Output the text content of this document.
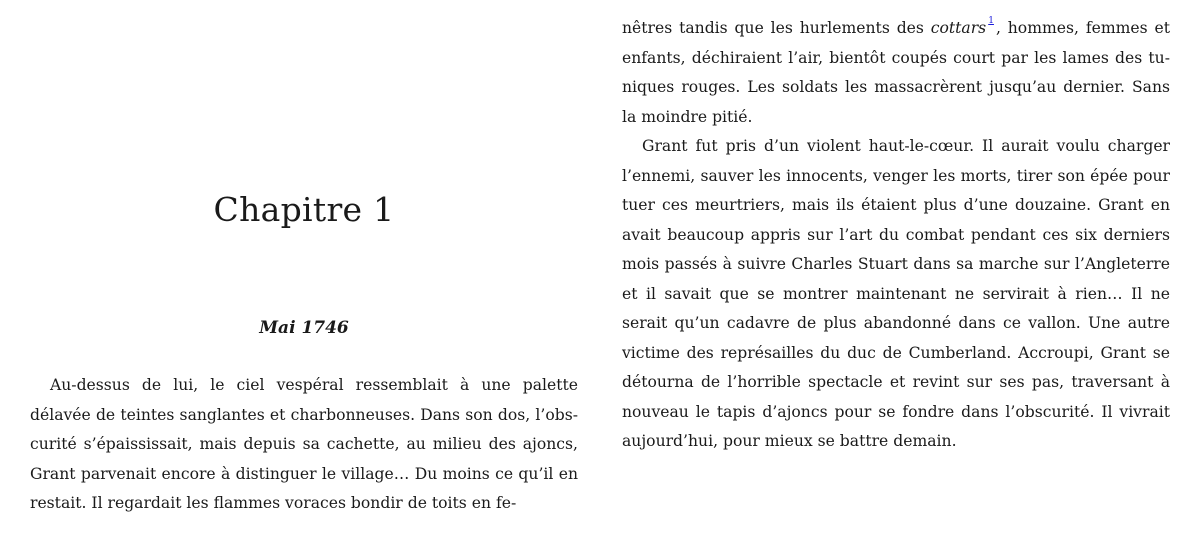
Chapitre 1
Mai 1746

Au-dessus de lui, le ciel vespéral ressemblait à une palette délavée de teintes sanglantes et charbonneuses. Dans son dos, l’obscurité s’épaississait, mais depuis sa cachette, au milieu des ajoncs, Grant parvenait encore à distinguer le village… Du moins ce qu’il en restait. Il regardait les flammes voraces bondir de toits en fe-

nêtres tandis que les hurlements des cottars $^1$ , hommes, femmes et enfants, déchiraient l’air, bientôt coupés court par les lames des tuniques rouges. Les soldats les massacrèrent jusqu’au dernier. Sans la moindre pitié.

Grant fut pris d’un violent haut-le-cœur. Il aurait voulu charger l’ennemi, sauver les innocents, venger les morts, tirer son épée pour tuer ces meurtriers, mais ils étaient plus d’une douzaine. Grant en avait beaucoup appris sur l’art du combat pendant ces six derniers mois passés à suivre Charles Stuart dans sa marche sur l’Angleterre et il savait que se montrer maintenant ne servirait à rien… Il ne serait qu’un cadavre de plus abandonné dans ce vallon. Une autre victime des représailles du duc de Cumberland. Accroupi, Grant se détourna de l’horrible spectacle et revint sur ses pas, traversant à nouveau le tapis d’ajoncs pour se fondre dans l’obscurité. Il vivrait aujourd’hui, pour mieux se battre demain.
